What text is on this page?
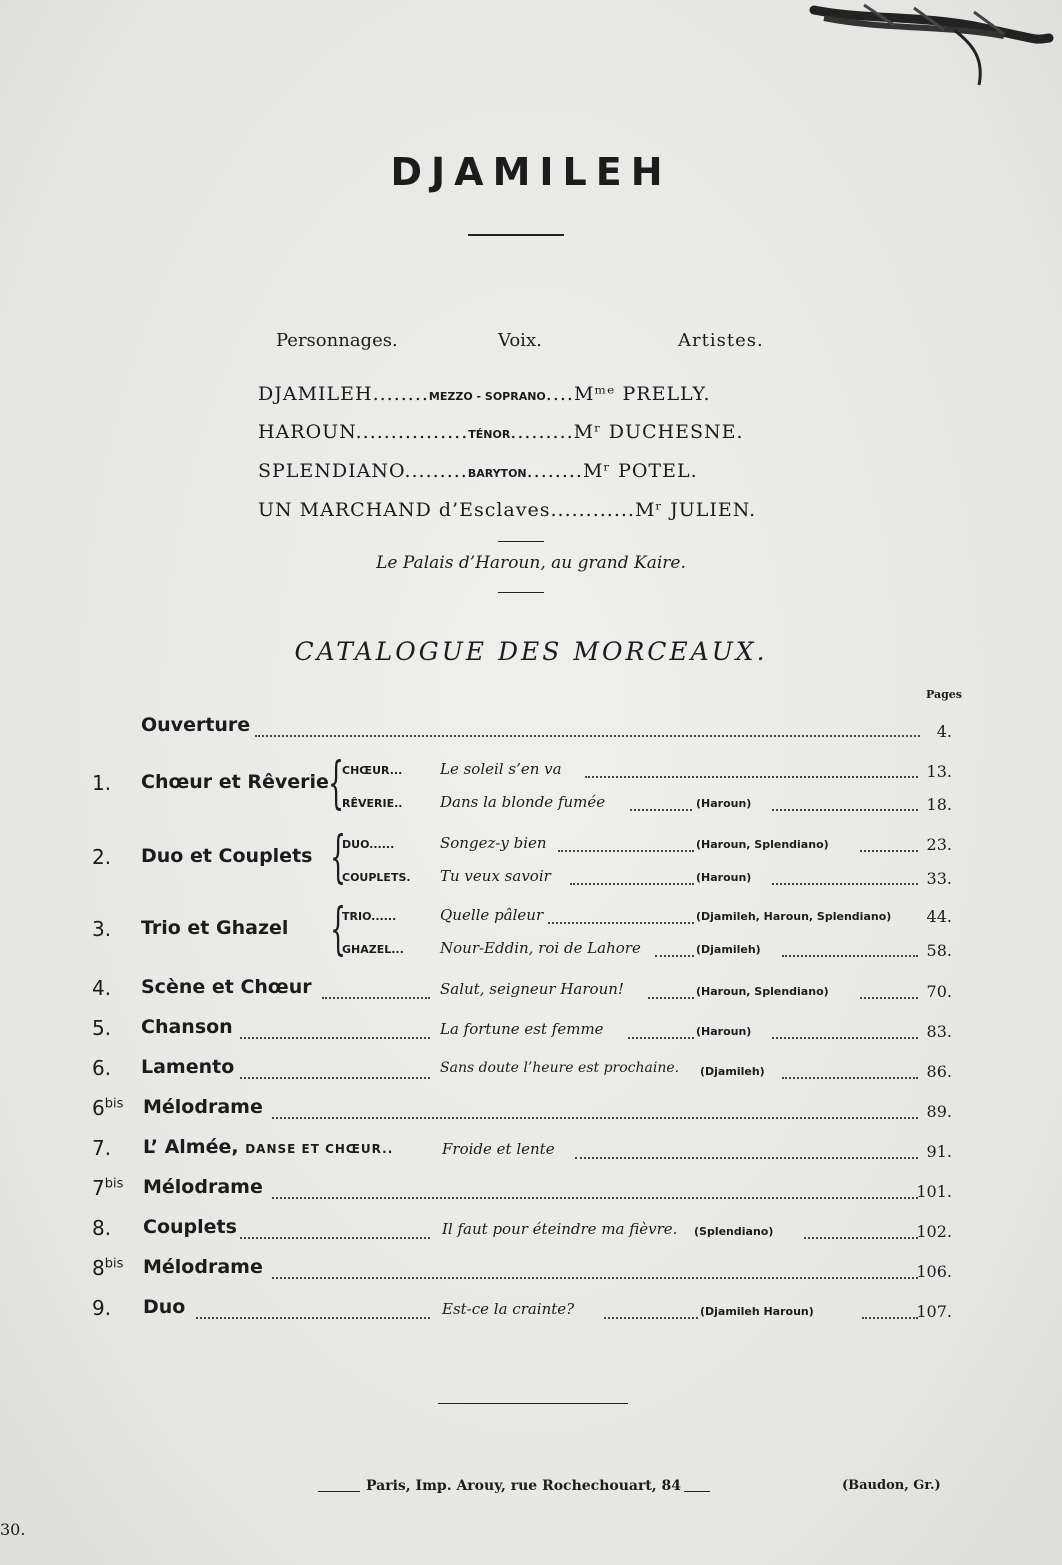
DJAMILEH
Personnages.	Voix.	Artistes.
DJAMILEH........MEZZO - SOPRANO....Mᵐᵉ PRELLY.
HAROUN................TÉNOR.........Mʳ DUCHESNE.
SPLENDIANO.........BARYTON........Mʳ POTEL.
UN MARCHAND d’Esclaves............Mʳ JULIEN.
Le Palais d’Haroun, au grand Kaire.
CATALOGUE DES MORCEAUX.
Pages
Ouverture	4.
1. Chœur et Rêverie {
CHŒUR...	Le soleil s’en va	13.
RÊVERIE..	Dans la blonde fumée	(Haroun)	18.
2. Duo et Couplets {
DUO......	Songez-y bien	(Haroun, Splendiano)	23.
COUPLETS. Tu veux savoir	(Haroun)	33.
3. Trio et Ghazel {
TRIO......	Quelle pâleur	(Djamileh, Haroun, Splendiano) 44.
GHAZEL... Nour-Eddin, roi de Lahore	(Djamileh)	58.
4. Scène et Chœur	Salut, seigneur Haroun!	(Haroun, Splendiano)	70.
5. Chanson	La fortune est femme	(Haroun)	83.
6. Lamento	Sans doute l’heure est prochaine. (Djamileh)	86.
$6^{bis}$ Mélodrame	89.
7. L’ Almée, DANSE ET CHŒUR..	Froide et lente	91.
$7^{bis}$ Mélodrame	101.
8. Couplets	Il faut pour éteindre ma fièvre. (Splendiano)	102.
$8^{bis}$ Mélodrame	106.
9. Duo	Est-ce la crainte?	(Djamileh Haroun)	107.
Paris, Imp. Arouy, rue Rochechouart, 84	(Baudon, Gr.)
30.
